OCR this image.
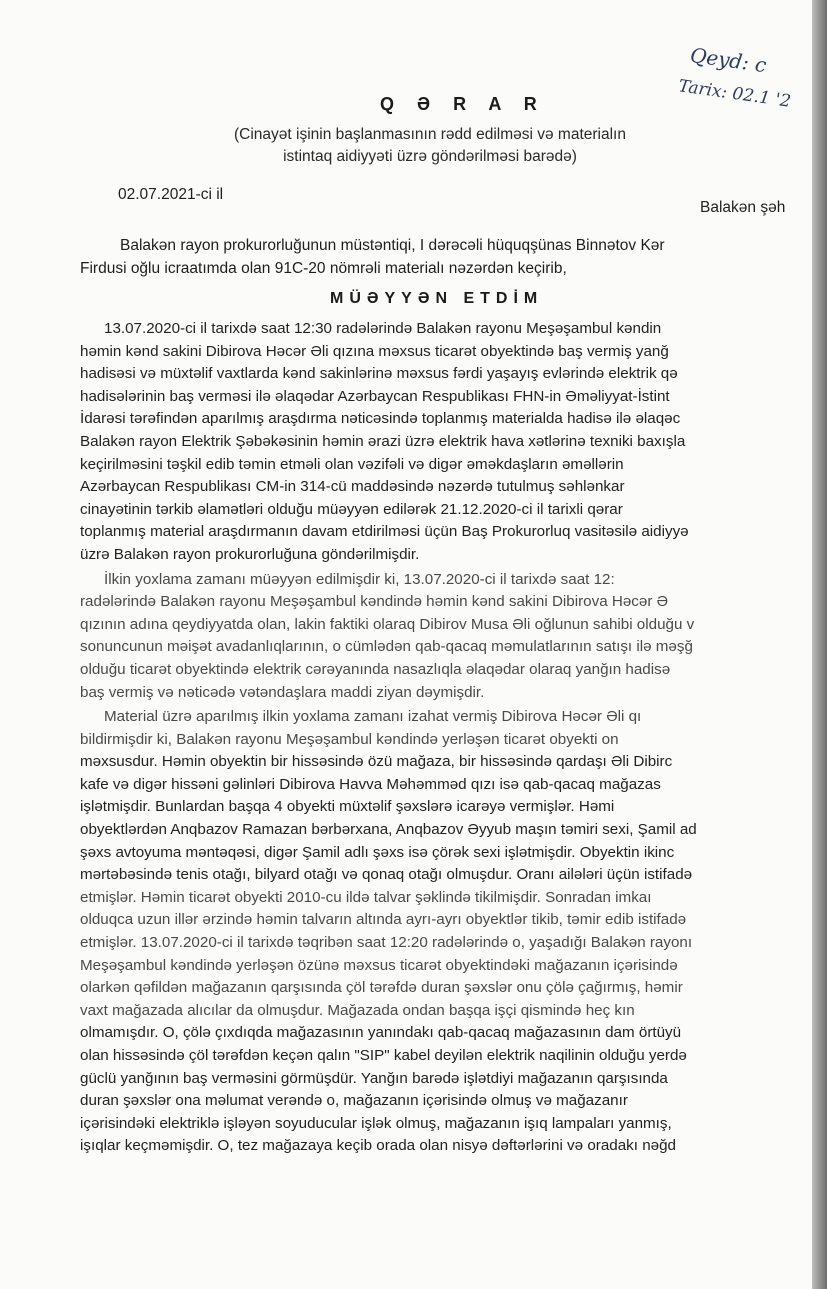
Qeyd: c
Tarix: 02.1 '2
Q Ə R A R
(Cinayət işinin başlanmasının rədd edilməsi və materialın
istintaq aidiyyəti üzrə göndərilməsi barədə)
02.07.2021-ci il
Balakən şəh
Balakən rayon prokurorluğunun müstəntiqi, I dərəcəli hüquqşünas Binnətov Kər
Firdusi oğlu icraatımda olan 91C-20 nömrəli materialı nəzərdən keçirib,
MÜƏYYƏN ETDİM
13.07.2020-ci il tarixdə saat 12:30 radələrində Balakən rayonu Meşəşambul kəndin
həmin kənd sakini Dibirova Həcər Əli qızına məxsus ticarət obyektində baş vermiş yanğ
hadisəsi və müxtəlif vaxtlarda kənd sakinlərinə məxsus fərdi yaşayış evlərində elektrik qə
hadisələrinin baş verməsi ilə əlaqədar Azərbaycan Respublikası FHN-in Əməliyyat-İstint
İdarəsi tərəfindən aparılmış araşdırma nəticəsində toplanmış materialda hadisə ilə əlaqəc
Balakən rayon Elektrik Şəbəkəsinin həmin ərazi üzrə elektrik hava xətlərinə texniki baxışla
keçirilməsini təşkil edib təmin etməli olan vəzifəli və digər əməkdaşların əməllərin
Azərbaycan Respublikası CM-in 314-cü maddəsində nəzərdə tutulmuş səhlənkar
cinayətinin tərkib əlamətləri olduğu müəyyən edilərək 21.12.2020-ci il tarixli qərar
toplanmış material araşdırmanın davam etdirilməsi üçün Baş Prokurorluq vasitəsilə aidiyyə
üzrə Balakən rayon prokurorluğuna göndərilmişdir.
İlkin yoxlama zamanı müəyyən edilmişdir ki, 13.07.2020-ci il tarixdə saat 12:
radələrində Balakən rayonu Meşəşambul kəndində həmin kənd sakini Dibirova Həcər Ə
qızının adına qeydiyyatda olan, lakin faktiki olaraq Dibirov Musa Əli oğlunun sahibi olduğu v
sonuncunun məişət avadanlıqlarının, o cümlədən qab-qacaq məmulatlarının satışı ilə məşğ
olduğu ticarət obyektində elektrik cərəyanında nasazlıqla əlaqədar olaraq yanğın hadisə
baş vermiş və nəticədə vətəndaşlara maddi ziyan dəymişdir.
Material üzrə aparılmış ilkin yoxlama zamanı izahat vermiş Dibirova Həcər Əli qı
bildirmişdir ki, Balakən rayonu Meşəşambul kəndində yerləşən ticarət obyekti on
məxsusdur. Həmin obyektin bir hissəsində özü mağaza, bir hissəsində qardaşı Əli Dibirc
kafe və digər hissəni gəlinləri Dibirova Havva Məhəmməd qızı isə qab-qacaq mağazas
işlətmişdir. Bunlardan başqa 4 obyekti müxtəlif şəxslərə icarəyə vermişlər. Həmi
obyektlərdən Anqbazov Ramazan bərbərxana, Anqbazov Əyyub maşın təmiri sexi, Şamil ad
şəxs avtoyuma məntəqəsi, digər Şamil adlı şəxs isə çörək sexi işlətmişdir. Obyektin ikinc
mərtəbəsində tenis otağı, bilyard otağı və qonaq otağı olmuşdur. Oranı ailələri üçün istifadə
etmişlər. Həmin ticarət obyekti 2010-cu ildə talvar şəklində tikilmişdir. Sonradan imkaı
olduqca uzun illər ərzində həmin talvarın altında ayrı-ayrı obyektlər tikib, təmir edib istifadə
etmişlər. 13.07.2020-ci il tarixdə təqribən saat 12:20 radələrində o, yaşadığı Balakən rayonı
Meşəşambul kəndində yerləşən özünə məxsus ticarət obyektindəki mağazanın içərisində
olarkən qəfildən mağazanın qarşısında çöl tərəfdə duran şəxslər onu çölə çağırmış, həmir
vaxt mağazada alıcılar da olmuşdur. Mağazada ondan başqa işçi qismində heç kın
olmamışdır. O, çölə çıxdıqda mağazasının yanındakı qab-qacaq mağazasının dam örtüyü
olan hissəsində çöl tərəfdən keçən qalın "SIP" kabel deyilən elektrik naqilinin olduğu yerdə
güclü yanğının baş verməsini görmüşdür. Yanğın barədə işlətdiyi mağazanın qarşısında
duran şəxslər ona məlumat verəndə o, mağazanın içərisində olmuş və mağazanır
içərisindəki elektriklə işləyən soyuducular işlək olmuş, mağazanın işıq lampaları yanmış,
işıqlar keçməmişdir. O, tez mağazaya keçib orada olan nisyə dəftərlərini və oradakı nəğd
